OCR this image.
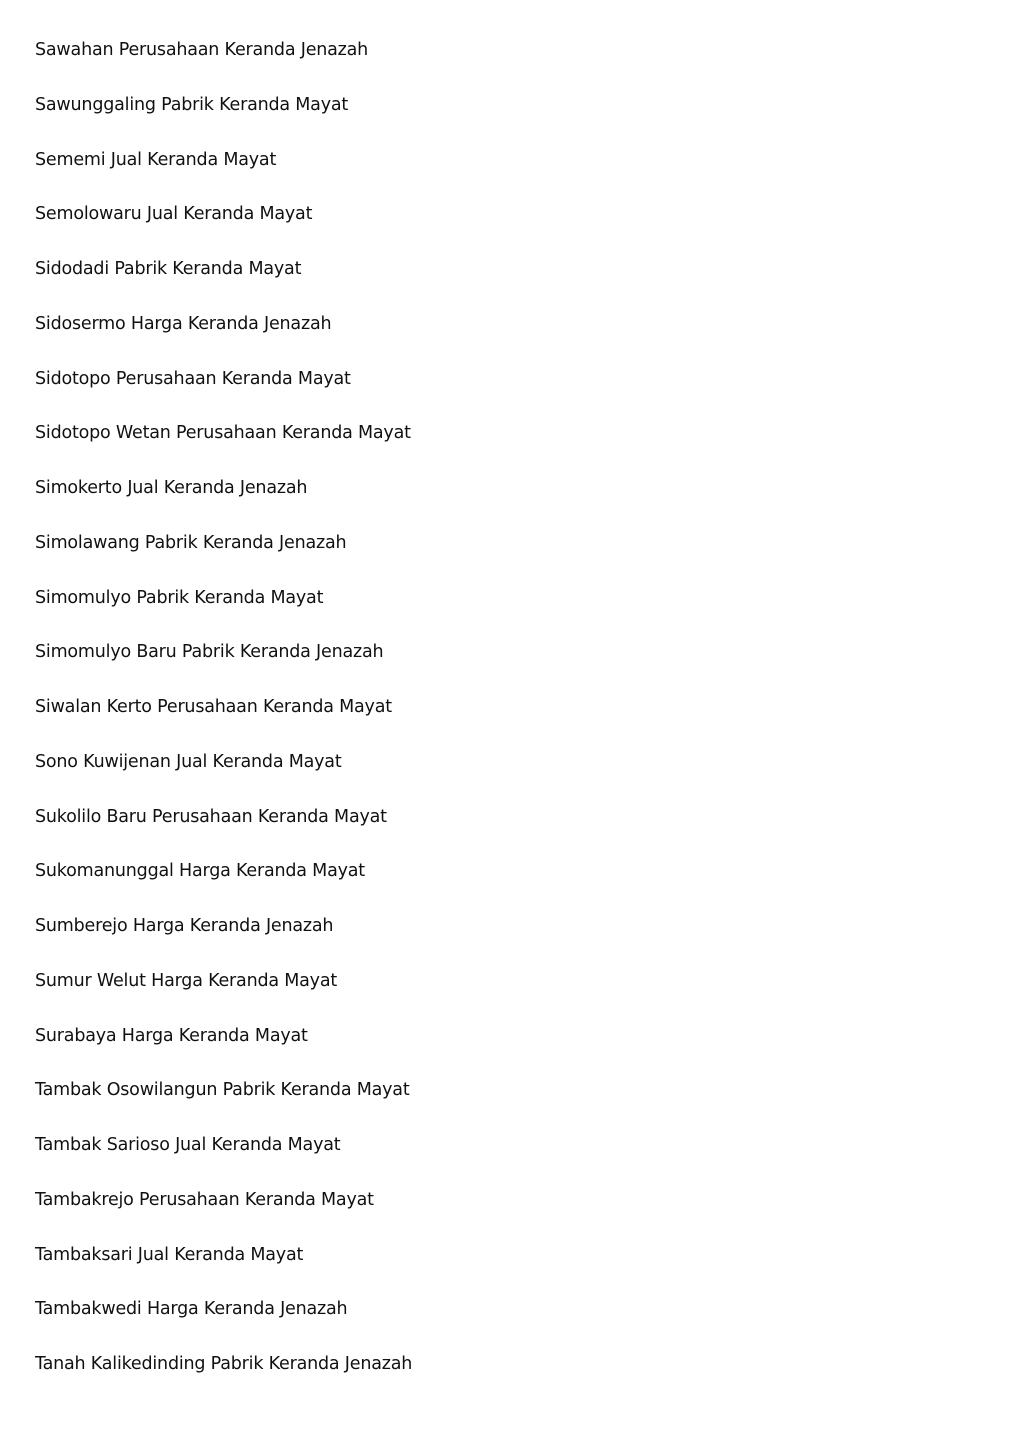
Sawahan Perusahaan Keranda Jenazah
Sawunggaling Pabrik Keranda Mayat
Sememi Jual Keranda Mayat
Semolowaru Jual Keranda Mayat
Sidodadi Pabrik Keranda Mayat
Sidosermo Harga Keranda Jenazah
Sidotopo Perusahaan Keranda Mayat
Sidotopo Wetan Perusahaan Keranda Mayat
Simokerto Jual Keranda Jenazah
Simolawang Pabrik Keranda Jenazah
Simomulyo Pabrik Keranda Mayat
Simomulyo Baru Pabrik Keranda Jenazah
Siwalan Kerto Perusahaan Keranda Mayat
Sono Kuwijenan Jual Keranda Mayat
Sukolilo Baru Perusahaan Keranda Mayat
Sukomanunggal Harga Keranda Mayat
Sumberejo Harga Keranda Jenazah
Sumur Welut Harga Keranda Mayat
Surabaya Harga Keranda Mayat
Tambak Osowilangun Pabrik Keranda Mayat
Tambak Sarioso Jual Keranda Mayat
Tambakrejo Perusahaan Keranda Mayat
Tambaksari Jual Keranda Mayat
Tambakwedi Harga Keranda Jenazah
Tanah Kalikedinding Pabrik Keranda Jenazah
